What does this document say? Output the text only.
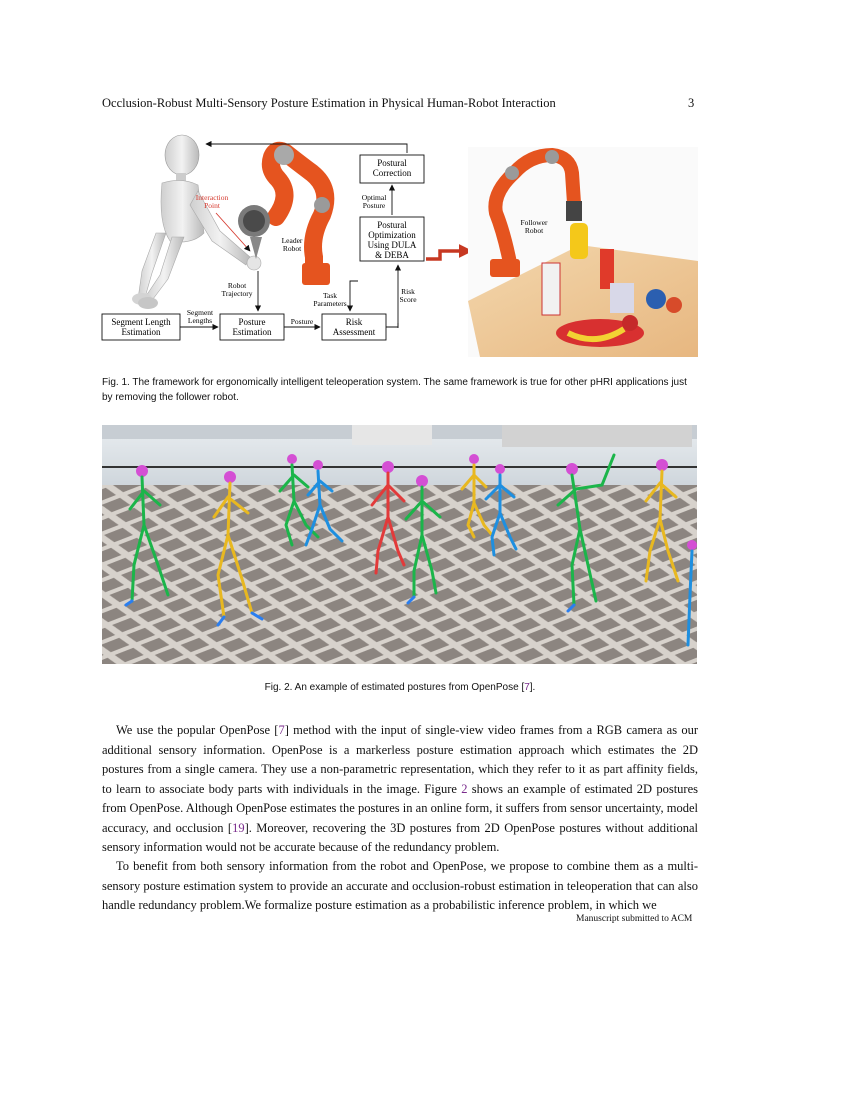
Occlusion-Robust Multi-Sensory Posture Estimation in Physical Human-Robot Interaction	3
Interaction
Point
Leader
Robot
Postural
Correction
Optimal
Posture
Postural
Optimization
Using DULA
& DEBA
Risk
Score
Task
Parameters
Robot
Trajectory
Segment Length
Estimation
Segment
Lengths	Posture
Estimation
Posture	Risk
Assessment
Follower
Robot
Fig. 1. The framework for ergonomically intelligent teleoperation system. The same framework is true for other pHRI applications just by removing the follower robot.
Fig. 2. An example of estimated postures from OpenPose [7].
We use the popular OpenPose [7] method with the input of single-view video frames from a RGB camera as our additional sensory information. OpenPose is a markerless posture estimation approach which estimates the 2D postures from a single camera. They use a non-parametric representation, which they refer to it as part affinity fields, to learn to associate body parts with individuals in the image. Figure 2 shows an example of estimated 2D postures from OpenPose. Although OpenPose estimates the postures in an online form, it suffers from sensor uncertainty, model accuracy, and occlusion [19]. Moreover, recovering the 3D postures from 2D OpenPose postures without additional sensory information would not be accurate because of the redundancy problem.
To benefit from both sensory information from the robot and OpenPose, we propose to combine them as a multi-sensory posture estimation system to provide an accurate and occlusion-robust estimation in teleoperation that can also handle redundancy problem.We formalize posture estimation as a probabilistic inference problem, in which we
Manuscript submitted to ACM
